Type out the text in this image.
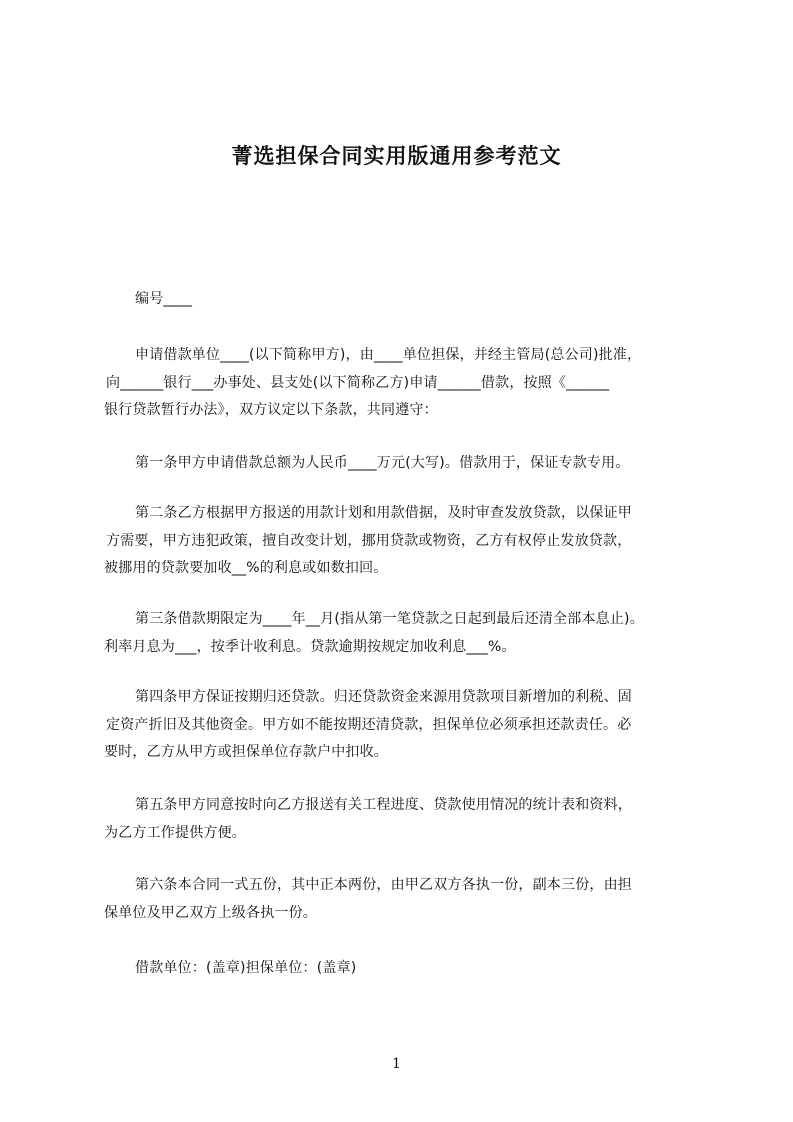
菁选担保合同实用版通用参考范文

编号____

申请借款单位____(以下简称甲方)，由____单位担保，并经主管局(总公司)批准，
向______银行___办事处、县支处(以下简称乙方)申请______借款，按照《______
银行贷款暂行办法》，双方议定以下条款，共同遵守：

第一条甲方申请借款总额为人民币____万元(大写)。借款用于，保证专款专用。

第二条乙方根据甲方报送的用款计划和用款借据，及时审查发放贷款，以保证甲
方需要，甲方违犯政策，擅自改变计划，挪用贷款或物资，乙方有权停止发放贷款，
被挪用的贷款要加收__%的利息或如数扣回。

第三条借款期限定为____年__月(指从第一笔贷款之日起到最后还清全部本息止)。
利率月息为___，按季计收利息。贷款逾期按规定加收利息___%。

第四条甲方保证按期归还贷款。归还贷款资金来源用贷款项目新增加的利税、固
定资产折旧及其他资金。甲方如不能按期还清贷款，担保单位必须承担还款责任。必
要时，乙方从甲方或担保单位存款户中扣收。

第五条甲方同意按时向乙方报送有关工程进度、贷款使用情况的统计表和资料，
为乙方工作提供方便。

第六条本合同一式五份，其中正本两份，由甲乙双方各执一份，副本三份，由担
保单位及甲乙双方上级各执一份。

借款单位：(盖章)担保单位：(盖章)

1
